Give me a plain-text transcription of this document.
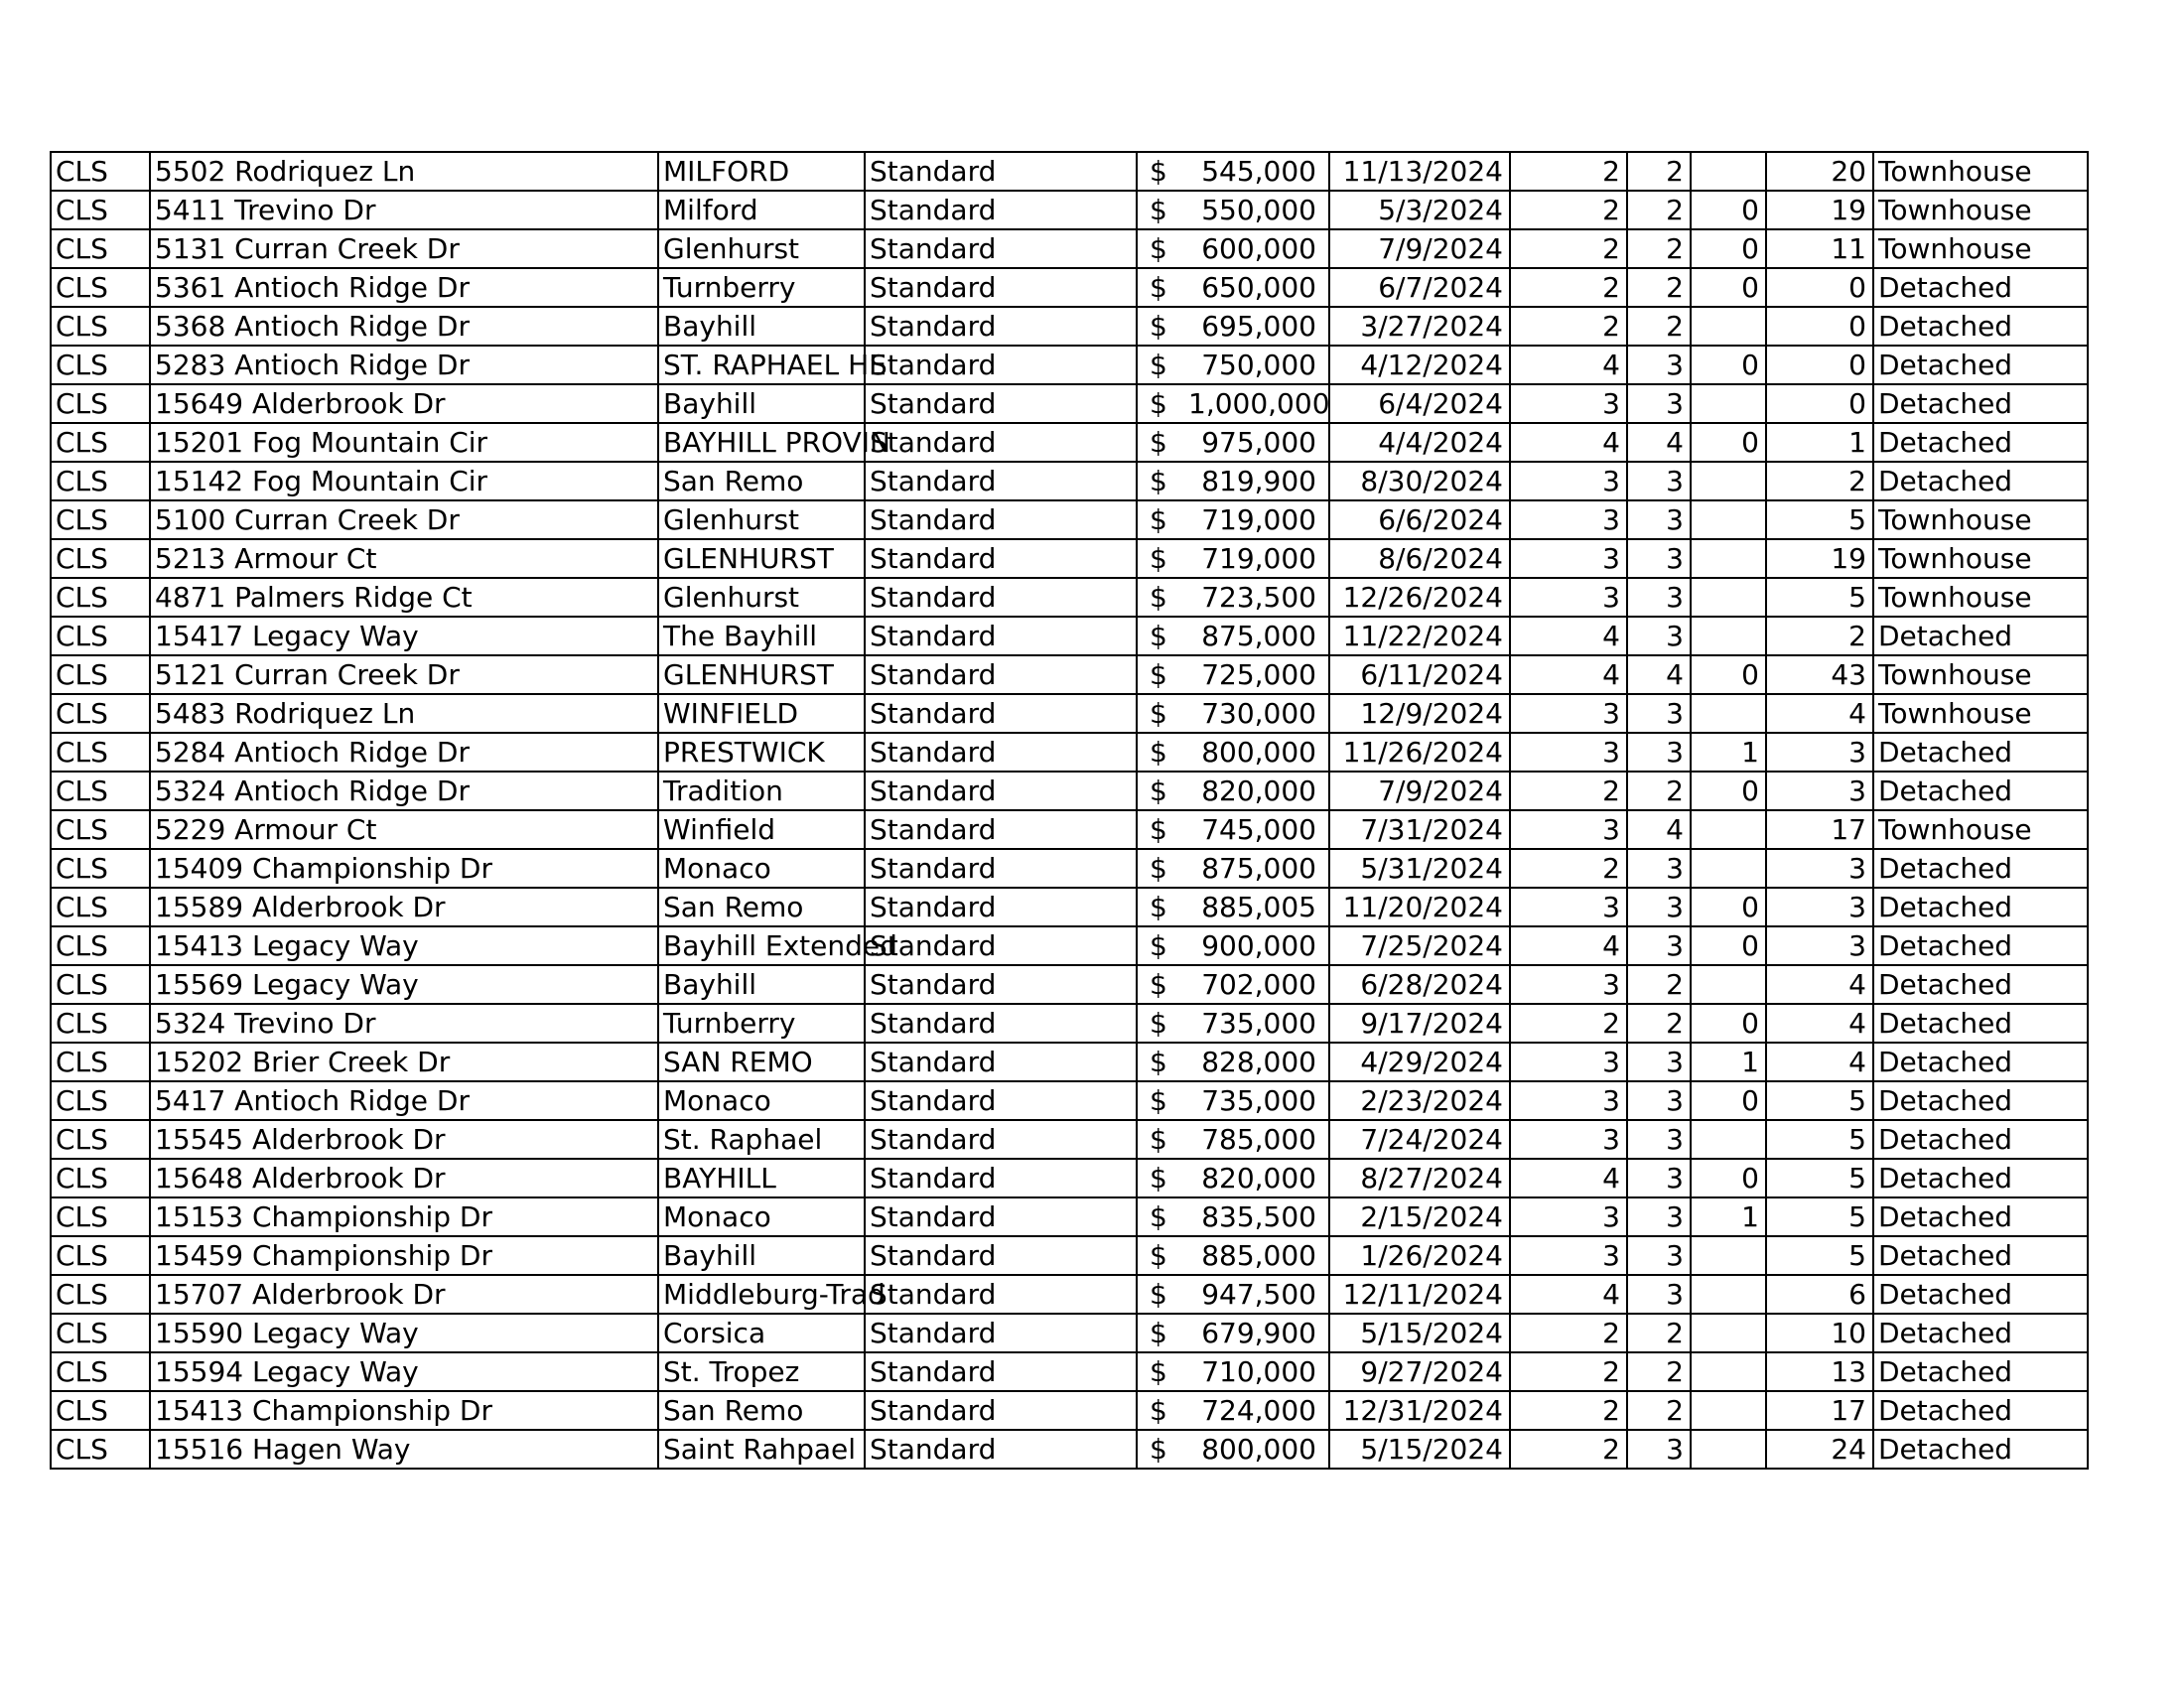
CLS	5502 Rodriquez Ln	MILFORD	Standard	$	545,000	11/13/2024	2	2		20	Townhouse
CLS	5411 Trevino Dr	Milford	Standard	$	550,000	5/3/2024	2	2	0	19	Townhouse
CLS	5131 Curran Creek Dr	Glenhurst	Standard	$	600,000	7/9/2024	2	2	0	11	Townhouse
CLS	5361 Antioch Ridge Dr	Turnberry	Standard	$	650,000	6/7/2024	2	2	0	0	Detached
CLS	5368 Antioch Ridge Dr	Bayhill	Standard	$	695,000	3/27/2024	2	2		0	Detached
CLS	5283 Antioch Ridge Dr	ST. RAPHAEL HE	Standard	$	750,000	4/12/2024	4	3	0	0	Detached
CLS	15649 Alderbrook Dr	Bayhill	Standard	$	1,000,000	6/4/2024	3	3		0	Detached
CLS	15201 Fog Mountain Cir	BAYHILL PROVIN	Standard	$	975,000	4/4/2024	4	4	0	1	Detached
CLS	15142 Fog Mountain Cir	San Remo	Standard	$	819,900	8/30/2024	3	3		2	Detached
CLS	5100 Curran Creek Dr	Glenhurst	Standard	$	719,000	6/6/2024	3	3		5	Townhouse
CLS	5213 Armour Ct	GLENHURST	Standard	$	719,000	8/6/2024	3	3		19	Townhouse
CLS	4871 Palmers Ridge Ct	Glenhurst	Standard	$	723,500	12/26/2024	3	3		5	Townhouse
CLS	15417 Legacy Way	The Bayhill	Standard	$	875,000	11/22/2024	4	3		2	Detached
CLS	5121 Curran Creek Dr	GLENHURST	Standard	$	725,000	6/11/2024	4	4	0	43	Townhouse
CLS	5483 Rodriquez Ln	WINFIELD	Standard	$	730,000	12/9/2024	3	3		4	Townhouse
CLS	5284 Antioch Ridge Dr	PRESTWICK	Standard	$	800,000	11/26/2024	3	3	1	3	Detached
CLS	5324 Antioch Ridge Dr	Tradition	Standard	$	820,000	7/9/2024	2	2	0	3	Detached
CLS	5229 Armour Ct	Winfield	Standard	$	745,000	7/31/2024	3	4		17	Townhouse
CLS	15409 Championship Dr	Monaco	Standard	$	875,000	5/31/2024	2	3		3	Detached
CLS	15589 Alderbrook Dr	San Remo	Standard	$	885,005	11/20/2024	3	3	0	3	Detached
CLS	15413 Legacy Way	Bayhill Extended	Standard	$	900,000	7/25/2024	4	3	0	3	Detached
CLS	15569 Legacy Way	Bayhill	Standard	$	702,000	6/28/2024	3	2		4	Detached
CLS	5324 Trevino Dr	Turnberry	Standard	$	735,000	9/17/2024	2	2	0	4	Detached
CLS	15202 Brier Creek Dr	SAN REMO	Standard	$	828,000	4/29/2024	3	3	1	4	Detached
CLS	5417 Antioch Ridge Dr	Monaco	Standard	$	735,000	2/23/2024	3	3	0	5	Detached
CLS	15545 Alderbrook Dr	St. Raphael	Standard	$	785,000	7/24/2024	3	3		5	Detached
CLS	15648 Alderbrook Dr	BAYHILL	Standard	$	820,000	8/27/2024	4	3	0	5	Detached
CLS	15153 Championship Dr	Monaco	Standard	$	835,500	2/15/2024	3	3	1	5	Detached
CLS	15459 Championship Dr	Bayhill	Standard	$	885,000	1/26/2024	3	3		5	Detached
CLS	15707 Alderbrook Dr	Middleburg-Trad	Standard	$	947,500	12/11/2024	4	3		6	Detached
CLS	15590 Legacy Way	Corsica	Standard	$	679,900	5/15/2024	2	2		10	Detached
CLS	15594 Legacy Way	St. Tropez	Standard	$	710,000	9/27/2024	2	2		13	Detached
CLS	15413 Championship Dr	San Remo	Standard	$	724,000	12/31/2024	2	2		17	Detached
CLS	15516 Hagen Way	Saint Rahpael	Standard	$	800,000	5/15/2024	2	3		24	Detached
